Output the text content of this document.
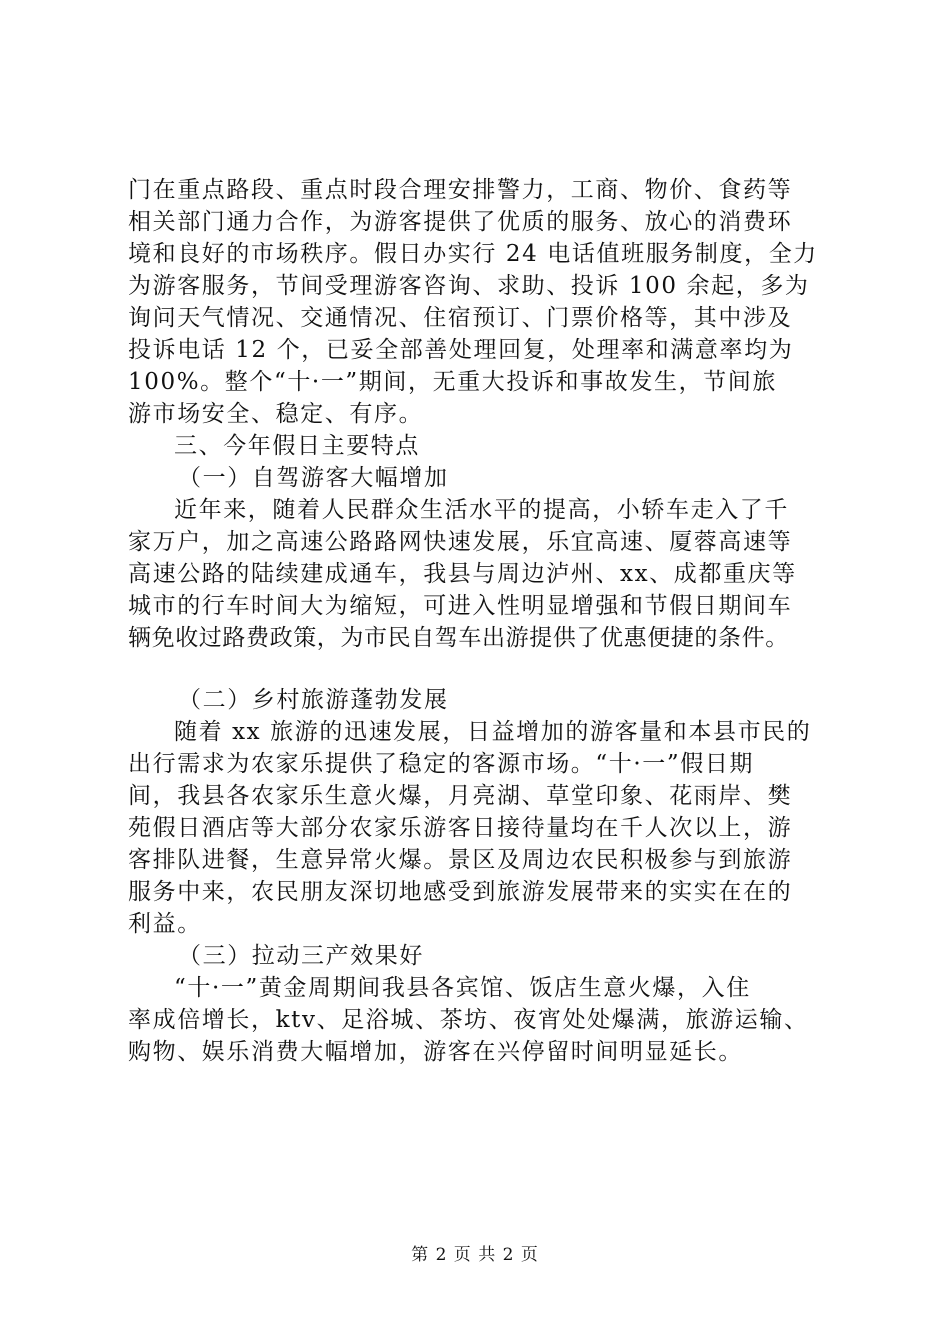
门在重点路段、重点时段合理安排警力，工商、物价、食药等
相关部门通力合作，为游客提供了优质的服务、放心的消费环
境和良好的市场秩序。假日办实行 24 电话值班服务制度，全力
为游客服务，节间受理游客咨询、求助、投诉 100 余起，多为
询问天气情况、交通情况、住宿预订、门票价格等，其中涉及
投诉电话 12 个，已妥全部善处理回复，处理率和满意率均为
100%。整个“十·一”期间，无重大投诉和事故发生，节间旅
游市场安全、稳定、有序。
三、今年假日主要特点
（一）自驾游客大幅增加
近年来，随着人民群众生活水平的提高，小轿车走入了千
家万户，加之高速公路路网快速发展，乐宜高速、厦蓉高速等
高速公路的陆续建成通车，我县与周边泸州、xx、成都重庆等
城市的行车时间大为缩短，可进入性明显增强和节假日期间车
辆免收过路费政策，为市民自驾车出游提供了优惠便捷的条件。
（二）乡村旅游蓬勃发展
随着 xx 旅游的迅速发展，日益增加的游客量和本县市民的
出行需求为农家乐提供了稳定的客源市场。“十·一”假日期
间，我县各农家乐生意火爆，月亮湖、草堂印象、花雨岸、樊
苑假日酒店等大部分农家乐游客日接待量均在千人次以上，游
客排队进餐，生意异常火爆。景区及周边农民积极参与到旅游
服务中来，农民朋友深切地感受到旅游发展带来的实实在在的
利益。
（三）拉动三产效果好
“十·一”黄金周期间我县各宾馆、饭店生意火爆，入住
率成倍增长，ktv、足浴城、茶坊、夜宵处处爆满，旅游运输、
购物、娱乐消费大幅增加，游客在兴停留时间明显延长。
第 2 页 共 2 页
